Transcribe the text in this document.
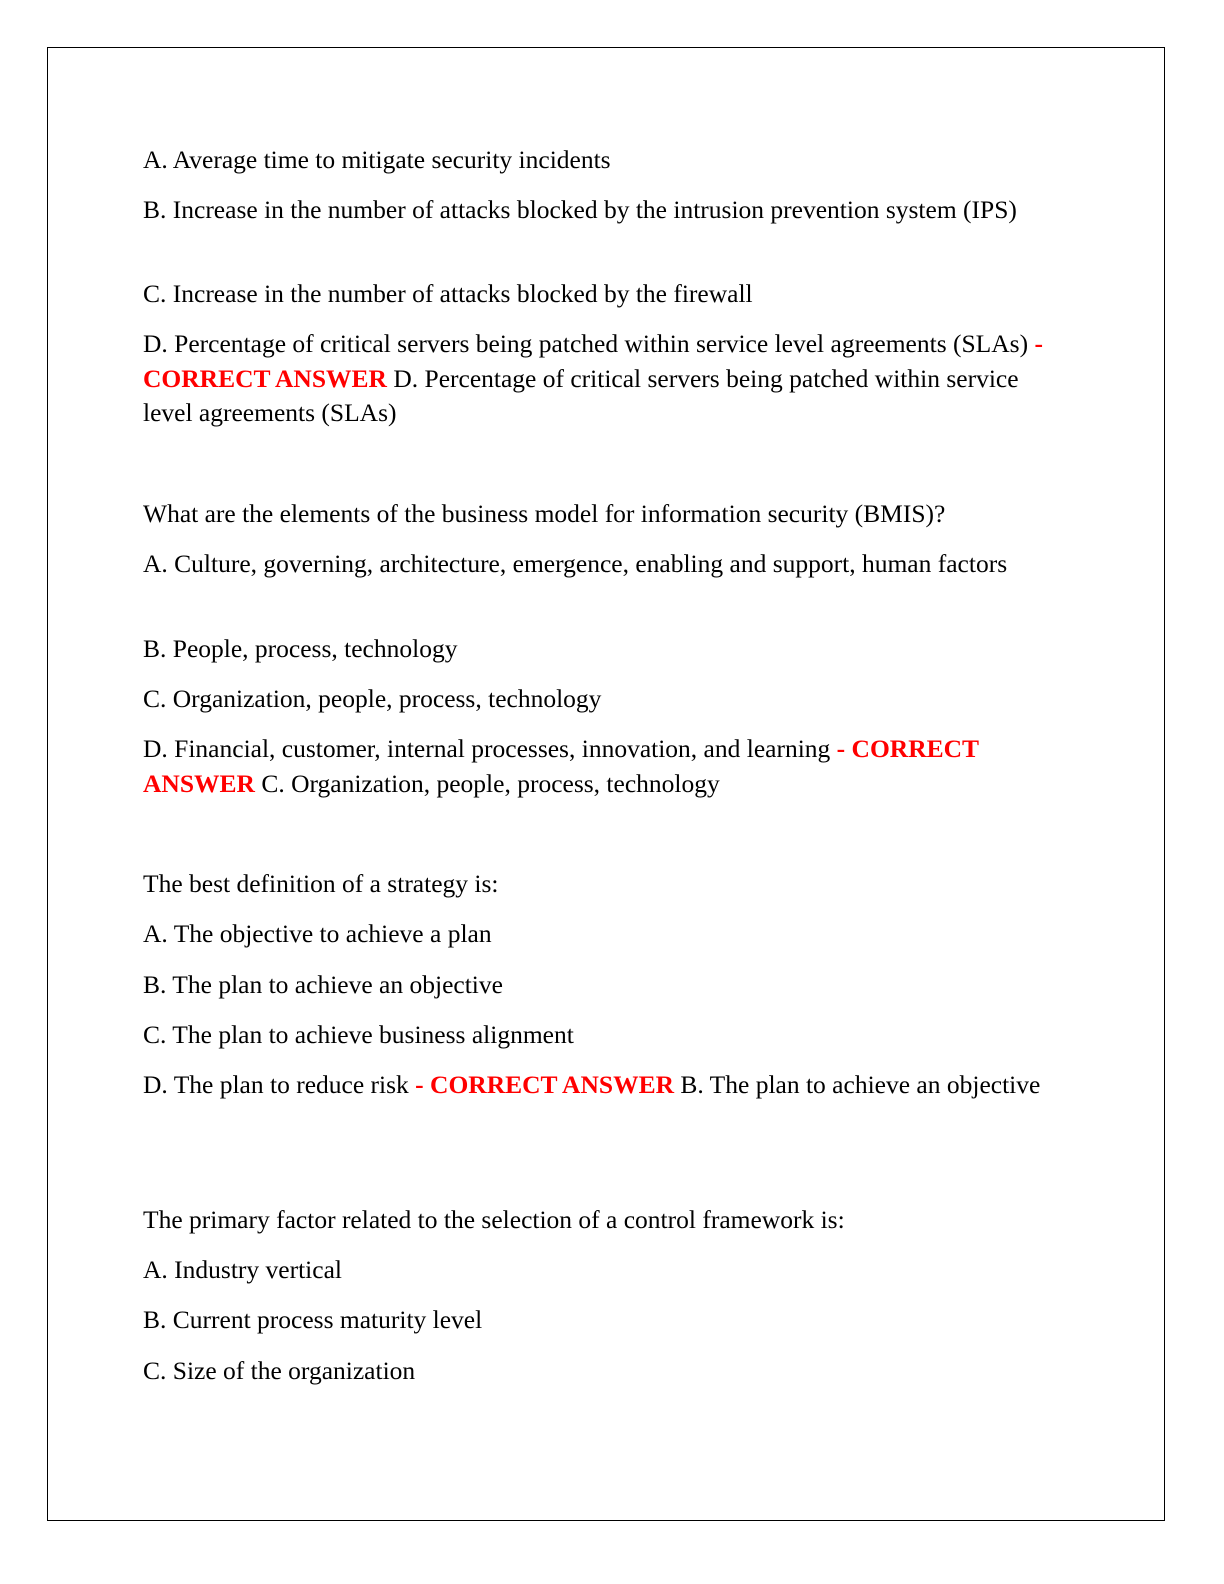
A. Average time to mitigate security incidents

B. Increase in the number of attacks blocked by the intrusion prevention system (IPS)

C. Increase in the number of attacks blocked by the firewall

D. Percentage of critical servers being patched within service level agreements (SLAs) - CORRECT ANSWER D. Percentage of critical servers being patched within service level agreements (SLAs)

What are the elements of the business model for information security (BMIS)?

A. Culture, governing, architecture, emergence, enabling and support, human factors

B. People, process, technology

C. Organization, people, process, technology

D. Financial, customer, internal processes, innovation, and learning - CORRECT ANSWER C. Organization, people, process, technology

The best definition of a strategy is:

A. The objective to achieve a plan

B. The plan to achieve an objective

C. The plan to achieve business alignment

D. The plan to reduce risk - CORRECT ANSWER B. The plan to achieve an objective

The primary factor related to the selection of a control framework is:

A. Industry vertical

B. Current process maturity level

C. Size of the organization
